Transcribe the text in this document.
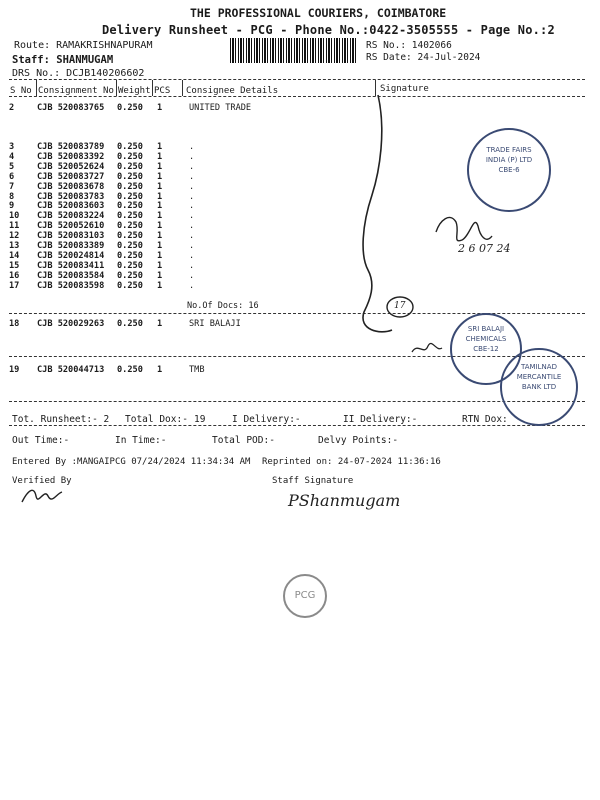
THE PROFESSIONAL COURIERS, COIMBATORE
Delivery Runsheet - PCG - Phone No.:0422-3505555 - Page No.:2
Route: RAMAKRISHNAPURAM
Staff: SHANMUGAM
DRS No.: DCJB140206602
RS No.: 1402066
RS Date: 24-Jul-2024
S No Consignment No Weight PCS Consignee Details	Signature
2	CJB 520083765	0.250	1	UNITED TRADE
3	CJB 520083789	0.250	1	.
4	CJB 520083392	0.250	1	.
5	CJB 520052624	0.250	1	.
6	CJB 520083727	0.250	1	.
7	CJB 520083678	0.250	1	.
8	CJB 520083783	0.250	1	.
9	CJB 520083603	0.250	1	.
10	CJB 520083224	0.250	1	.
11	CJB 520052610	0.250	1	.
12	CJB 520083103	0.250	1	.
13	CJB 520083389	0.250	1	.
14	CJB 520024814	0.250	1	.
15	CJB 520083411	0.250	1	.
16	CJB 520083584	0.250	1	.
17	CJB 520083598	0.250	1	.
No.Of Docs: 16
18	CJB 520029263	0.250	1	SRI BALAJI
19	CJB 520044713	0.250	1	TMB
Tot. Runsheet:- 2 Total Dox:- 19	I Delivery:-	II Delivery:-	RTN Dox:
Out Time:-	In Time:-	Total POD:-	Delvy Points:-
Entered By :MANGAIPCG 07/24/2024 11:34:34 AM Reprinted on: 24-07-2024 11:36:16
Verified By	Staff Signature
2 6 07 24
17
PShanmugam
TRADE FAIRS INDIA (P) LTD CBE-6
SRI BALAJI CHEMICALS CBE-12
TAMILNAD MERCANTILE BANK LTD
PCG
